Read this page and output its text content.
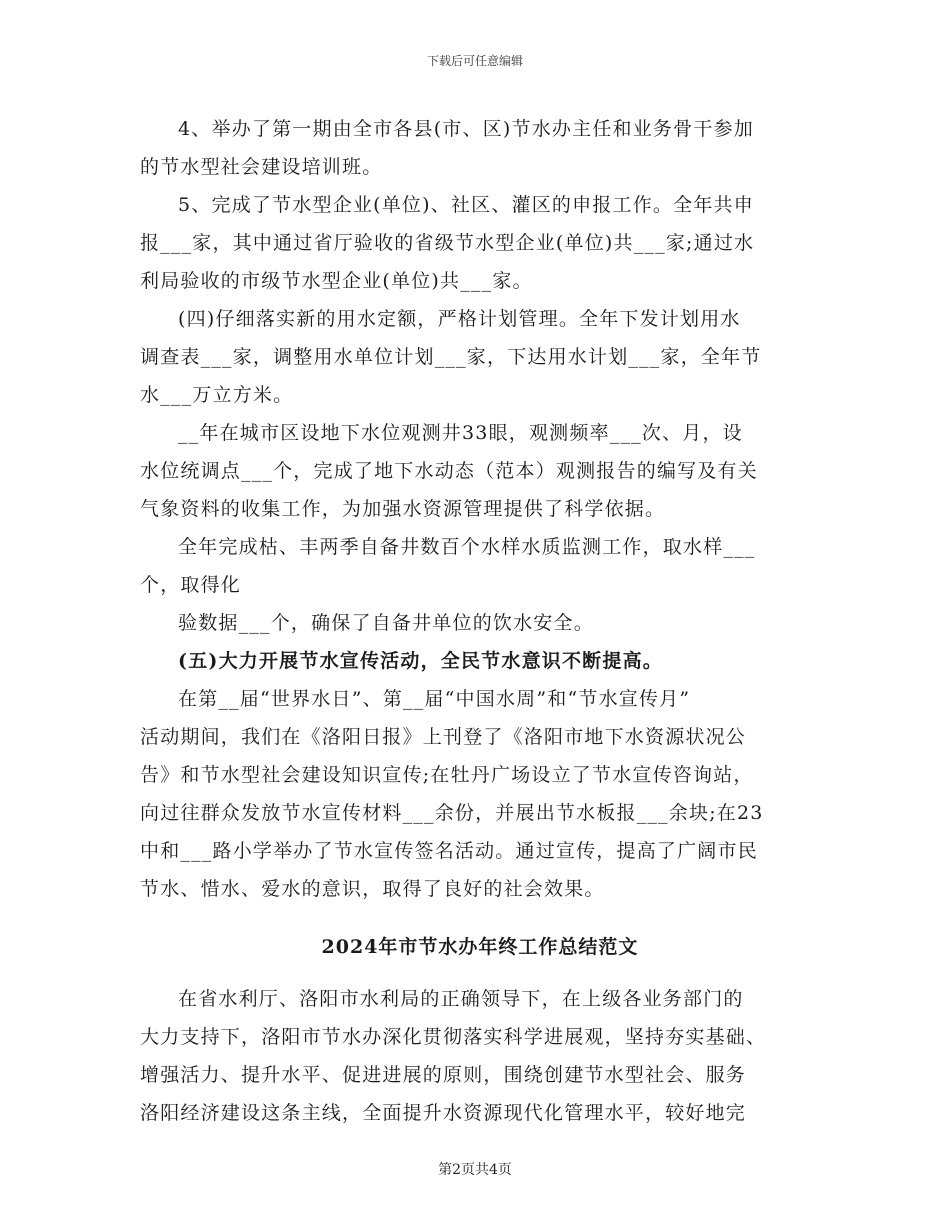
下载后可任意编辑

4、举办了第一期由全市各县(市、区)节水办主任和业务骨干参加
的节水型社会建设培训班。

5、完成了节水型企业(单位)、社区、灌区的申报工作。全年共申
报___家，其中通过省厅验收的省级节水型企业(单位)共___家;通过水
利局验收的市级节水型企业(单位)共___家。

(四)仔细落实新的用水定额，严格计划管理。全年下发计划用水
调查表___家，调整用水单位计划___家，下达用水计划___家，全年节
水___万立方米。

__年在城市区设地下水位观测井33眼，观测频率___次、月，设
水位统调点___个，完成了地下水动态（范本）观测报告的编写及有关
气象资料的收集工作，为加强水资源管理提供了科学依据。

全年完成枯、丰两季自备井数百个水样水质监测工作，取水样___
个，取得化

验数据___个，确保了自备井单位的饮水安全。

(五)大力开展节水宣传活动，全民节水意识不断提高。

在第__届“世界水日”、第__届“中国水周”和“节水宣传月”
活动期间，我们在《洛阳日报》上刊登了《洛阳市地下水资源状况公
告》和节水型社会建设知识宣传;在牡丹广场设立了节水宣传咨询站，
向过往群众发放节水宣传材料___余份，并展出节水板报___余块;在23
中和___路小学举办了节水宣传签名活动。通过宣传，提高了广阔市民
节水、惜水、爱水的意识，取得了良好的社会效果。

2024年市节水办年终工作总结范文

在省水利厅、洛阳市水利局的正确领导下，在上级各业务部门的
大力支持下，洛阳市节水办深化贯彻落实科学进展观，坚持夯实基础、
增强活力、提升水平、促进进展的原则，围绕创建节水型社会、服务
洛阳经济建设这条主线，全面提升水资源现代化管理水平，较好地完

第2页共4页
